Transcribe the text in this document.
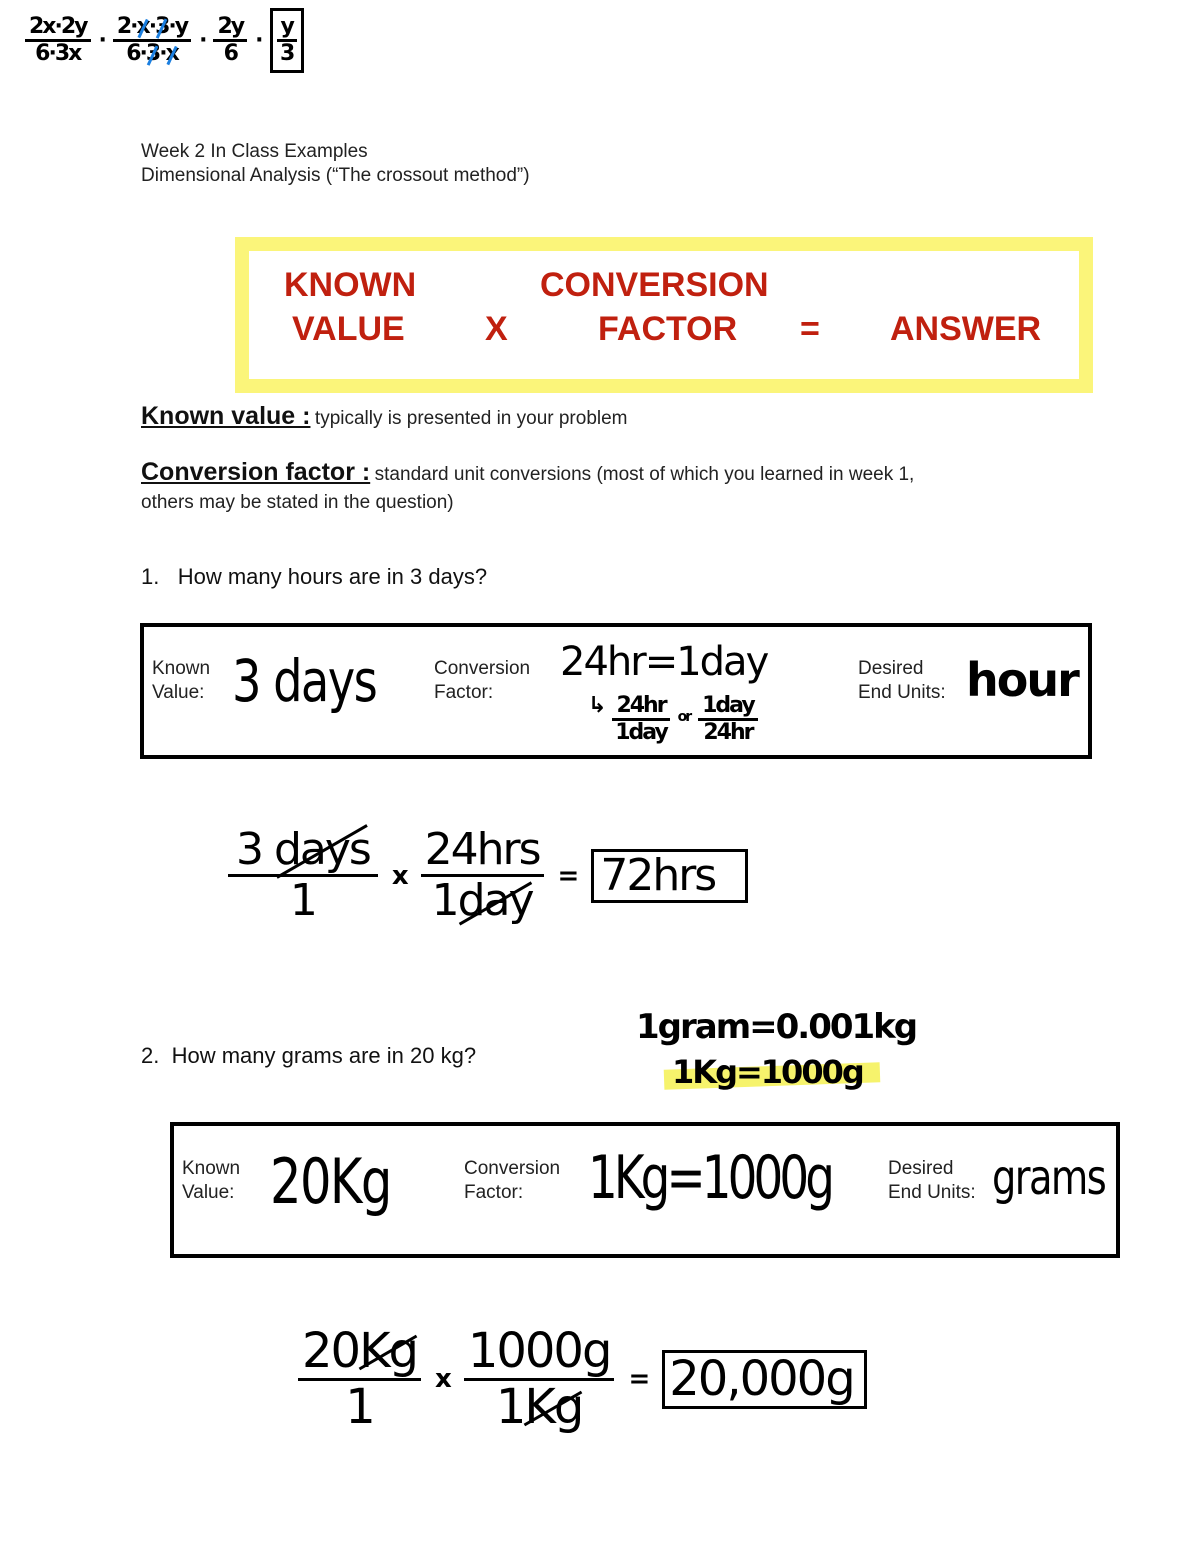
$\frac{2x\cdot 2y}{6\cdot 3x} \cdot \frac{2\cdot x\cdot 3\cdot y}{6\cdot 3\cdot x} \cdot \frac{2y}{6} \cdot \frac{y}{3}$
Week 2 In Class Examples
Dimensional Analysis (“The crossout method”)
KNOWN
VALUE X
CONVERSION
FACTOR = ANSWER
Known value : typically is presented in your problem
Conversion factor : standard unit conversions (most of which you learned in week 1,
others may be stated in the question)
1. How many hours are in 3 days?
Known
Value: 3 days	Conversion
Factor:
24hr=1day
↳ $\frac{24hr}{\text{1day}}$ or $\frac{\text{1day}}{24hr}$
Desired
End Units: hour
$\frac{\text{3 days}}{1}$ x $\frac{\text{24hrs}}{\text{1day}} = 72hrs$
2. How many grams are in 20 kg?
1gram=0.001kg
1Kg=1000g
Known
Value: 20Kg	Conversion
Factor:	1Kg=1000g	Desired
End Units: grams
$\frac{20Kg}{1}$ x $\frac{1000g}{1Kg} = 20,000g$
